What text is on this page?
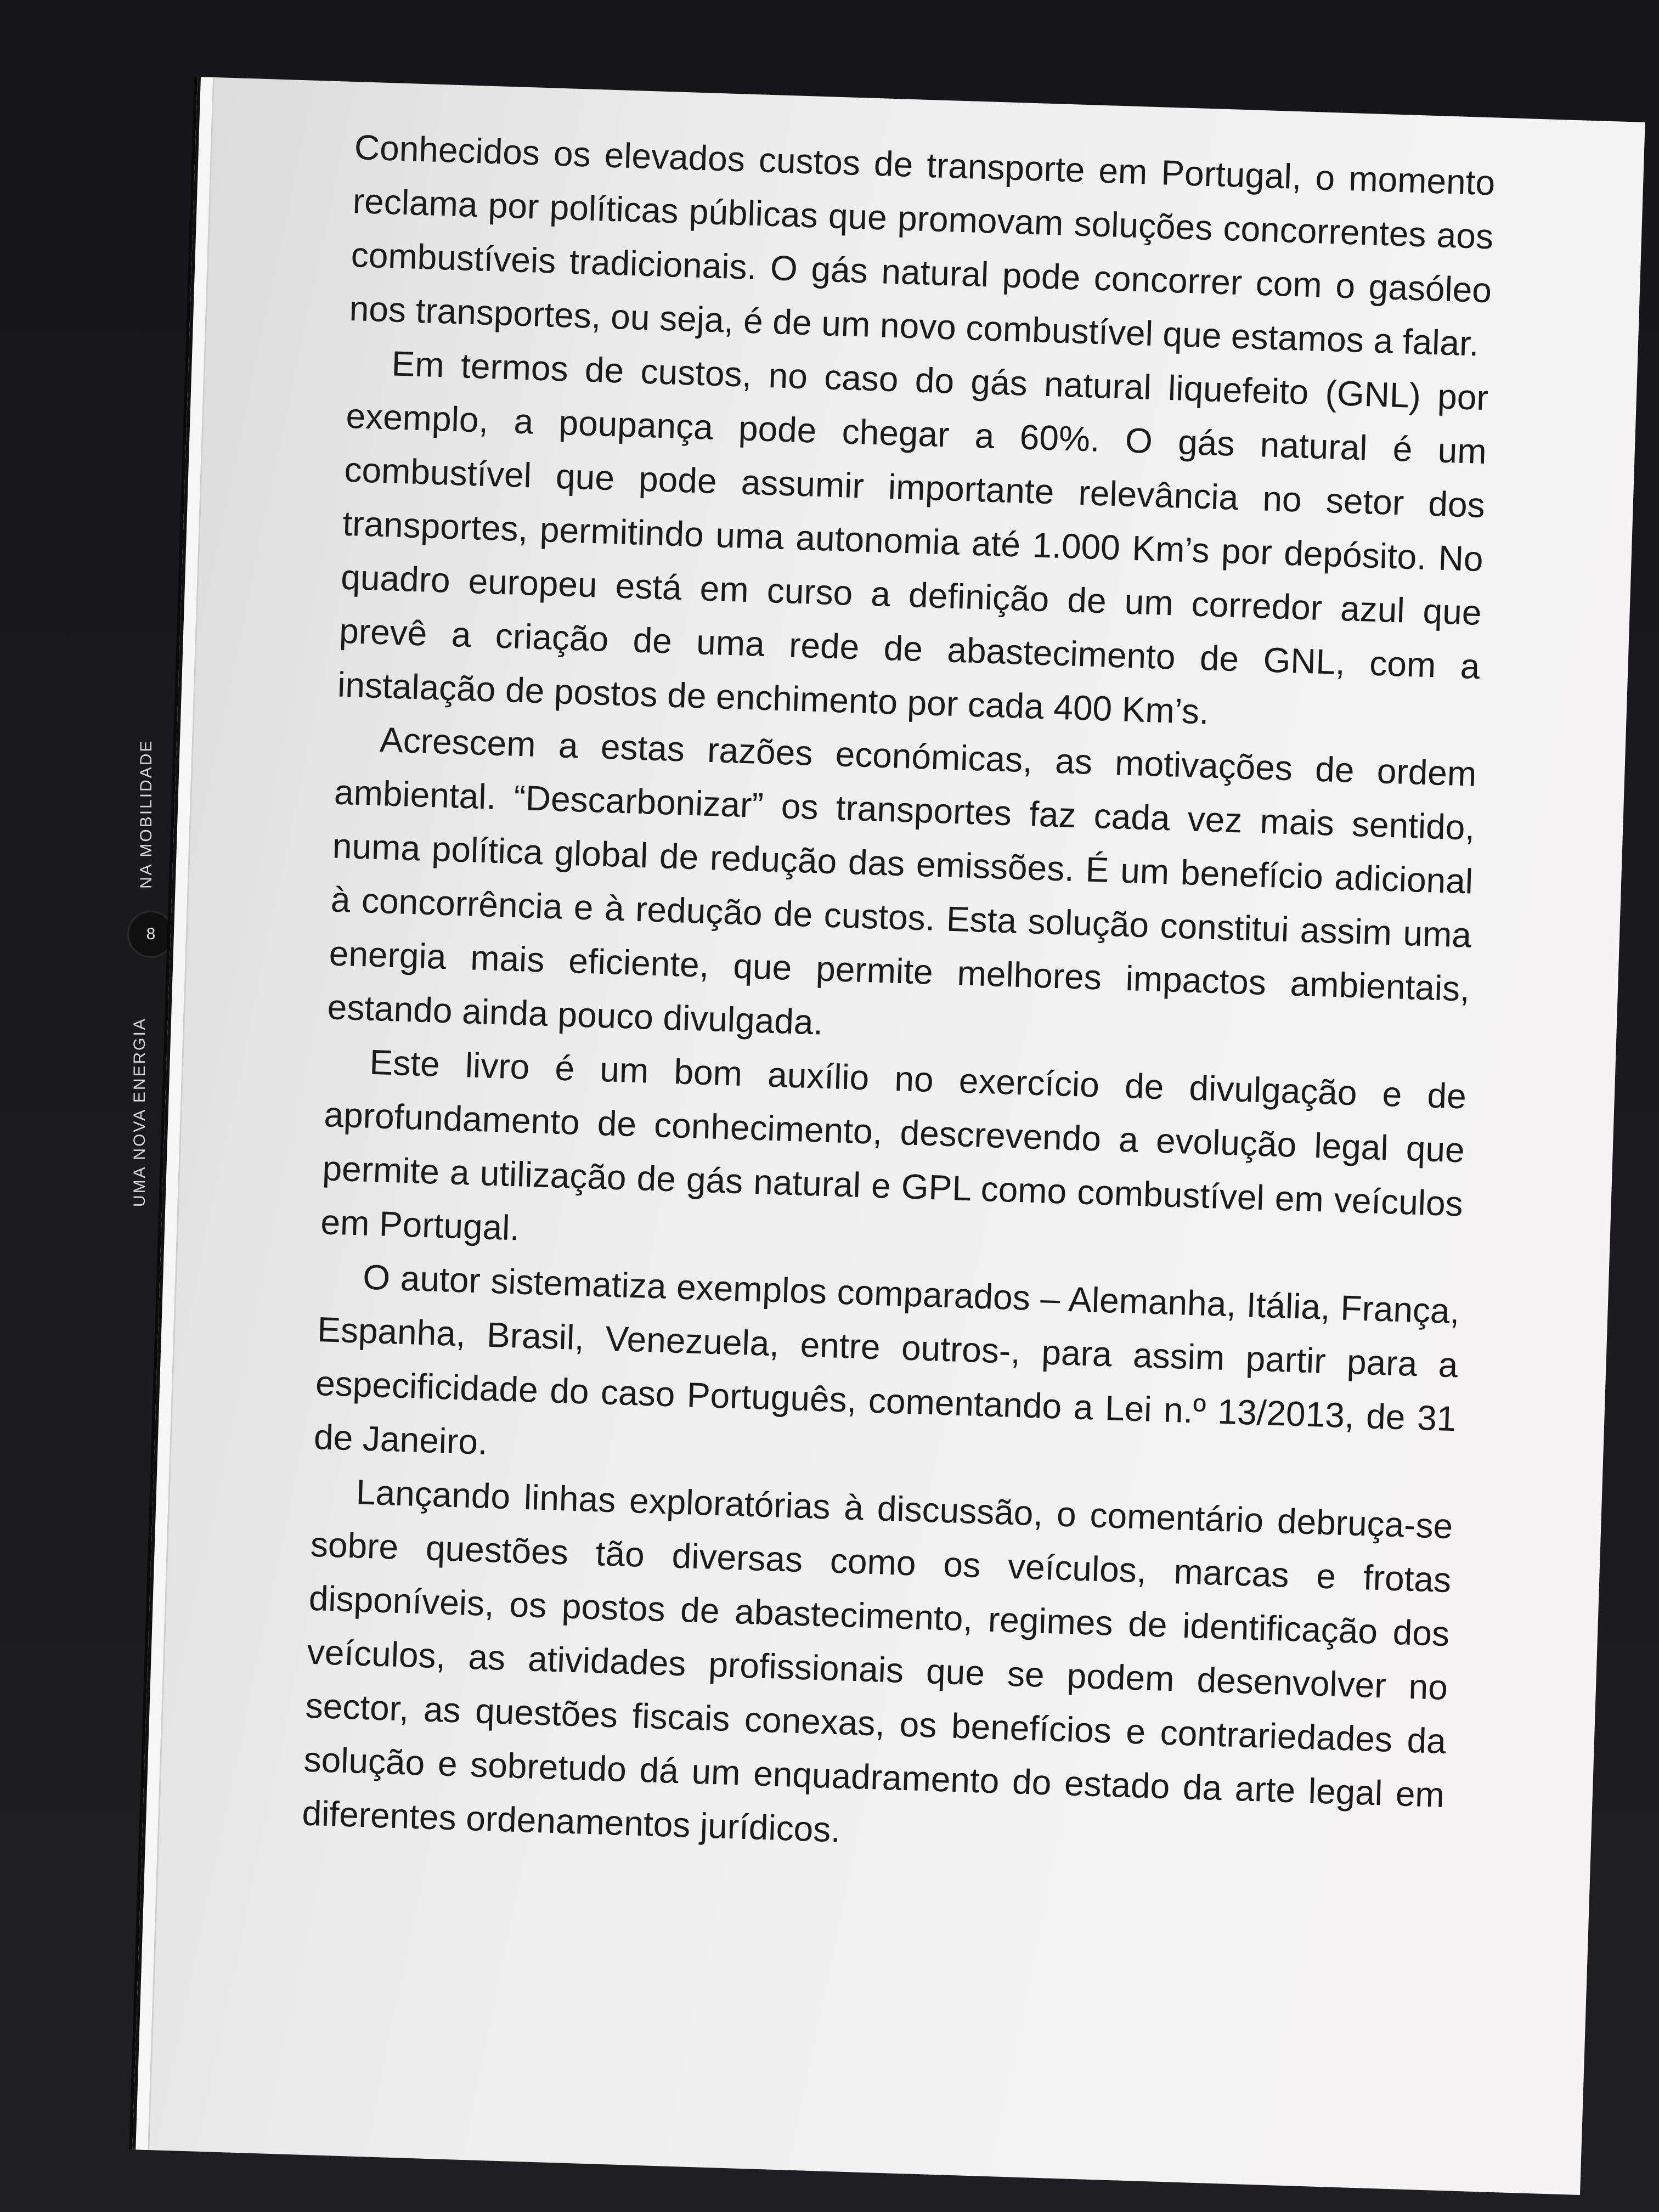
NA MOBILIDADE
8
UMA NOVA ENERGIA

Conhecidos os elevados custos de transporte em Portugal, o momento reclama por políticas públicas que promovam soluções concorrentes aos combustíveis tradicionais. O gás natural pode concorrer com o gasóleo nos transportes, ou seja, é de um novo combustível que estamos a falar.

Em termos de custos, no caso do gás natural liquefeito (GNL) por exemplo, a poupança pode chegar a 60%. O gás natural é um combustível que pode assumir importante relevância no setor dos transportes, permitindo uma autonomia até 1.000 Km’s por depósito. No quadro europeu está em curso a definição de um corredor azul que prevê a criação de uma rede de abastecimento de GNL, com a instalação de postos de enchimento por cada 400 Km’s.

Acrescem a estas razões económicas, as motivações de ordem ambiental. “Descarbonizar” os transportes faz cada vez mais sentido, numa política global de redução das emissões. É um benefício adicional à concorrência e à redução de custos. Esta solução constitui assim uma energia mais eficiente, que permite melhores impactos ambientais, estando ainda pouco divulgada.

Este livro é um bom auxílio no exercício de divulgação e de aprofundamento de conhecimento, descrevendo a evolução legal que permite a utilização de gás natural e GPL como combustível em veículos em Portugal.

O autor sistematiza exemplos comparados – Alemanha, Itália, França, Espanha, Brasil, Venezuela, entre outros-, para assim partir para a especificidade do caso Português, comentando a Lei n.º 13/2013, de 31 de Janeiro.

Lançando linhas exploratórias à discussão, o comentário debruça-se sobre questões tão diversas como os veículos, marcas e frotas disponíveis, os postos de abastecimento, regimes de identificação dos veículos, as atividades profissionais que se podem desenvolver no sector, as questões fiscais conexas, os benefícios e contrariedades da solução e sobretudo dá um enquadramento do estado da arte legal em diferentes ordenamentos jurídicos.
